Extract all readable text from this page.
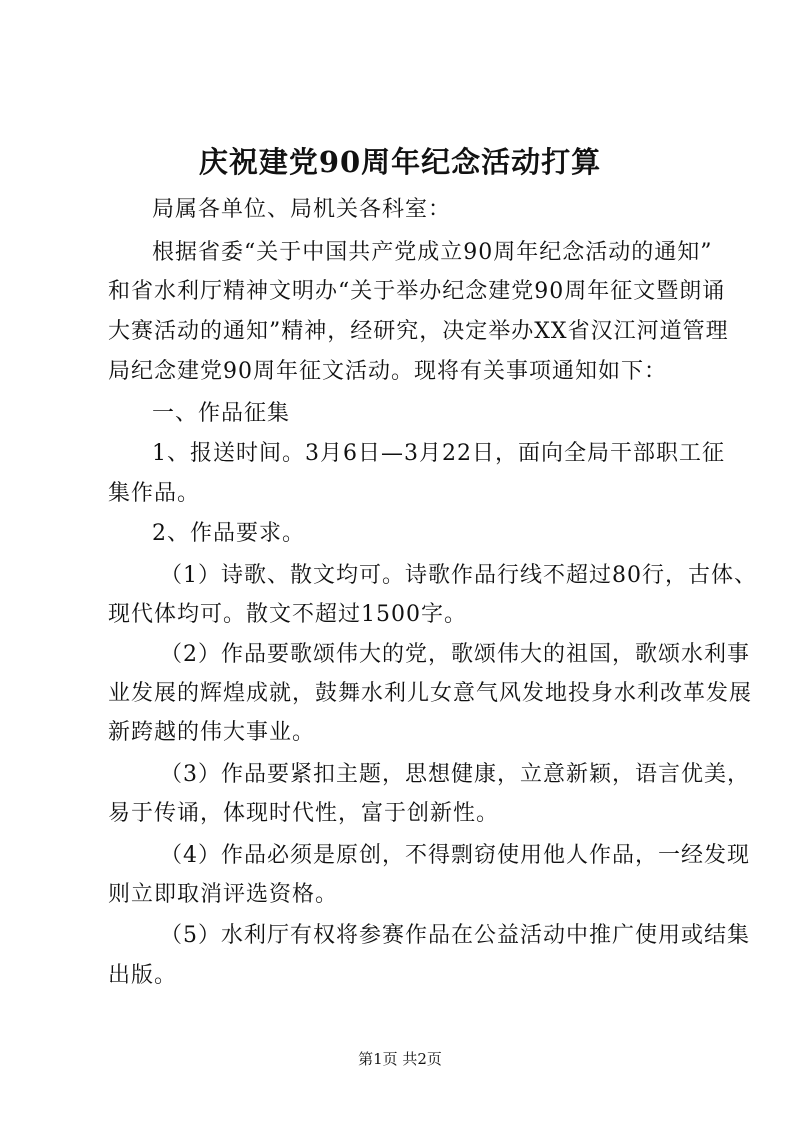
庆祝建党90周年纪念活动打算
局属各单位、局机关各科室：
根据省委“关于中国共产党成立90周年纪念活动的通知”
和省水利厅精神文明办“关于举办纪念建党90周年征文暨朗诵
大赛活动的通知”精神，经研究，决定举办XX省汉江河道管理
局纪念建党90周年征文活动。现将有关事项通知如下：
一、作品征集
1、报送时间。3月6日—3月22日，面向全局干部职工征
集作品。
2、作品要求。
（1）诗歌、散文均可。诗歌作品行线不超过80行，古体、
现代体均可。散文不超过1500字。
（2）作品要歌颂伟大的党，歌颂伟大的祖国，歌颂水利事
业发展的辉煌成就，鼓舞水利儿女意气风发地投身水利改革发展
新跨越的伟大事业。
（3）作品要紧扣主题，思想健康，立意新颖，语言优美，
易于传诵，体现时代性，富于创新性。
（4）作品必须是原创，不得剽窃使用他人作品，一经发现
则立即取消评选资格。
（5）水利厅有权将参赛作品在公益活动中推广使用或结集
出版。
第1页 共2页
